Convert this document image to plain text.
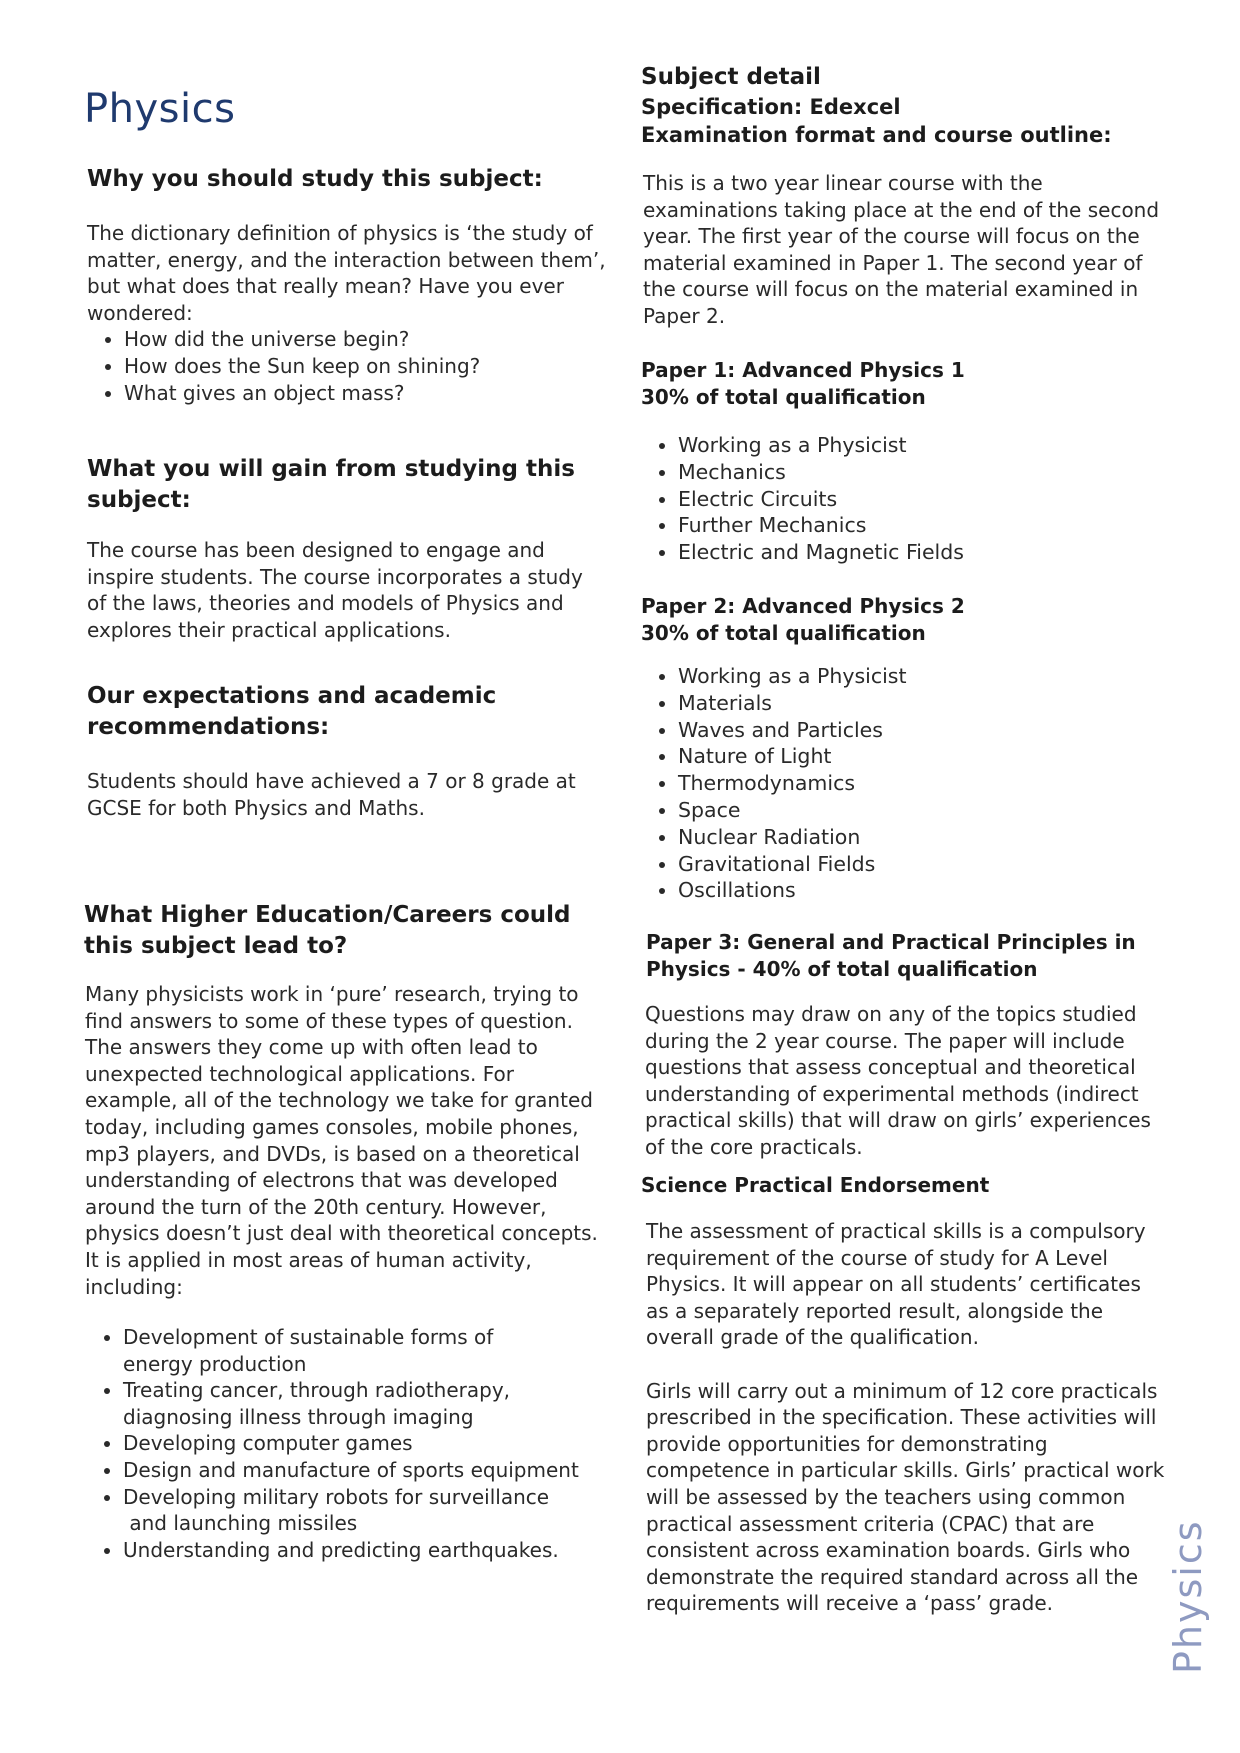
Physics
Why you should study this subject:
The dictionary definition of physics is ‘the study of
matter, energy, and the interaction between them’,
but what does that really mean? Have you ever
wondered:
• How did the universe begin?
• How does the Sun keep on shining?
• What gives an object mass?
What you will gain from studying this
subject:
The course has been designed to engage and
inspire students. The course incorporates a study
of the laws, theories and models of Physics and
explores their practical applications.
Our expectations and academic
recommendations:
Students should have achieved a 7 or 8 grade at
GCSE for both Physics and Maths.
What Higher Education/Careers could
this subject lead to?
Many physicists work in ‘pure’ research, trying to
find answers to some of these types of question.
The answers they come up with often lead to
unexpected technological applications. For
example, all of the technology we take for granted
today, including games consoles, mobile phones,
mp3 players, and DVDs, is based on a theoretical
understanding of electrons that was developed
around the turn of the 20th century. However,
physics doesn’t just deal with theoretical concepts.
It is applied in most areas of human activity,
including:
• Development of sustainable forms of
energy production
• Treating cancer, through radiotherapy,
diagnosing illness through imaging
• Developing computer games
• Design and manufacture of sports equipment
• Developing military robots for surveillance
and launching missiles
• Understanding and predicting earthquakes.
Subject detail
Specification: Edexcel
Examination format and course outline:
This is a two year linear course with the
examinations taking place at the end of the second
year. The first year of the course will focus on the
material examined in Paper 1. The second year of
the course will focus on the material examined in
Paper 2.
Paper 1: Advanced Physics 1
30% of total qualification
• Working as a Physicist
• Mechanics
• Electric Circuits
• Further Mechanics
• Electric and Magnetic Fields
Paper 2: Advanced Physics 2
30% of total qualification
• Working as a Physicist
• Materials
• Waves and Particles
• Nature of Light
• Thermodynamics
• Space
• Nuclear Radiation
• Gravitational Fields
• Oscillations
Paper 3: General and Practical Principles in
Physics - 40% of total qualification
Questions may draw on any of the topics studied
during the 2 year course. The paper will include
questions that assess conceptual and theoretical
understanding of experimental methods (indirect
practical skills) that will draw on girls’ experiences
of the core practicals.
Science Practical Endorsement
The assessment of practical skills is a compulsory
requirement of the course of study for A Level
Physics. It will appear on all students’ certificates
as a separately reported result, alongside the
overall grade of the qualification.
Girls will carry out a minimum of 12 core practicals
prescribed in the specification. These activities will
provide opportunities for demonstrating
competence in particular skills. Girls’ practical work
will be assessed by the teachers using common
practical assessment criteria (CPAC) that are
consistent across examination boards. Girls who
demonstrate the required standard across all the
requirements will receive a ‘pass’ grade.	Physics
